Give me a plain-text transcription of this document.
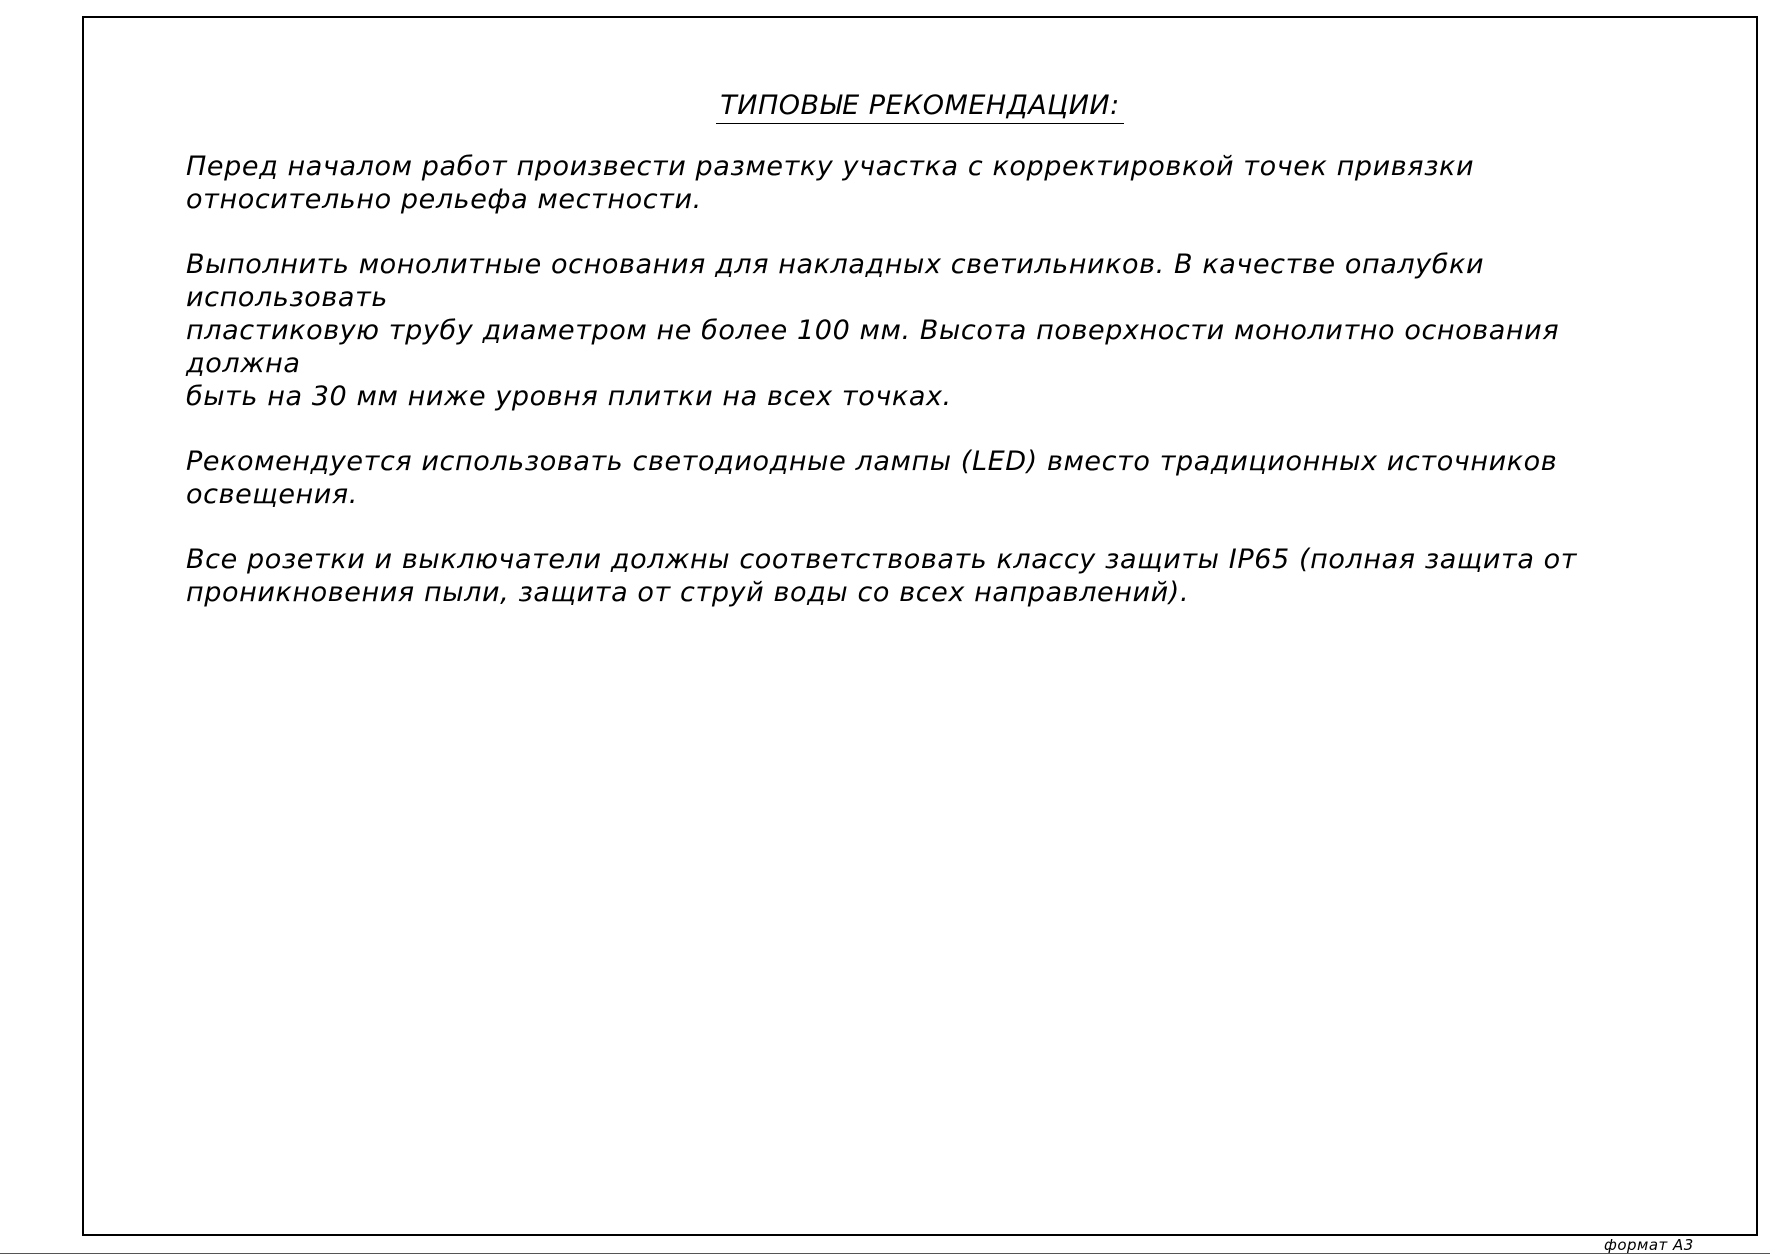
ТИПОВЫЕ РЕКОМЕНДАЦИИ:

Перед началом работ произвести разметку участка с корректировкой точек привязки
относительно рельефа местности.

Выполнить монолитные основания для накладных светильников. В качестве опалубки использовать
пластиковую трубу диаметром не более 100 мм. Высота поверхности монолитно основания должна
быть на 30 мм ниже уровня плитки на всех точках.

Рекомендуется использовать светодиодные лампы (LED) вместо традиционных источников
освещения.

Все розетки и выключатели должны соответствовать классу защиты IP65 (полная защита от
проникновения пыли, защита от струй воды со всех направлений).

формат А3
